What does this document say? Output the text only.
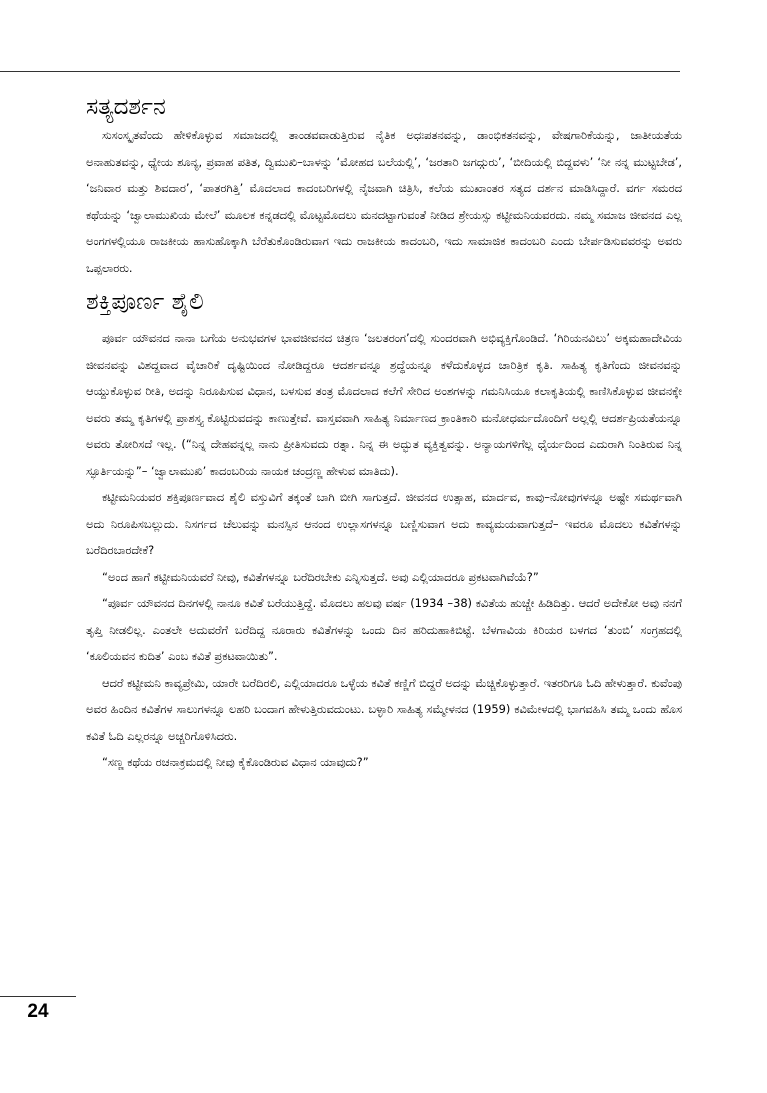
ಸತ್ಯದರ್ಶನ

ಸುಸಂಸ್ಕೃತವೆಂದು ಹೇಳಿಕೊಳ್ಳುವ ಸಮಾಜದಲ್ಲಿ ತಾಂಡವವಾಡುತ್ತಿರುವ ನೈತಿಕ ಅಧಃಪತನವನ್ನು, ಡಾಂಭಿಕತನವನ್ನು, ವೇಷಗಾರಿಕೆಯನ್ನು, ಜಾತೀಯತೆಯ ಅನಾಹುತವನ್ನು, ಧ್ಯೇಯ ಶೂನ್ಯ, ಪ್ರವಾಹ ಪತಿತ, ದ್ವಿಮುಖಿ–ಬಾಳನ್ನು ‘ಮೋಹದ ಬಲೆಯಲ್ಲಿ’, ‘ಜರತಾರಿ ಜಗದ್ಗುರು’, ‘ಬೀದಿಯಲ್ಲಿ ಬಿದ್ದವಳು’ ‘ನೀ ನನ್ನ ಮುಟ್ಟಬೇಡ’, ‘ಜನಿವಾರ ಮತ್ತು ಶಿವದಾರ’, ‘ಪಾತರಗಿತ್ತಿ’ ಮೊದಲಾದ ಕಾದಂಬರಿಗಳಲ್ಲಿ ನೈಜವಾಗಿ ಚಿತ್ರಿಸಿ, ಕಲೆಯ ಮುಖಾಂತರ ಸತ್ಯದ ದರ್ಶನ ಮಾಡಿಸಿದ್ದಾರೆ. ವರ್ಗ ಸಮರದ ಕಥೆಯನ್ನು ‘ಜ್ವಾಲಾಮುಖಿಯ ಮೇಲೆ’ ಮೂಲಕ ಕನ್ನಡದಲ್ಲಿ ಮೊಟ್ಟಮೊದಲು ಮನದಟ್ಟಾಗುವಂತೆ ನೀಡಿದ ಶ್ರೇಯಸ್ಸು ಕಟ್ಟೀಮನಿಯವರದು. ನಮ್ಮ ಸಮಾಜ ಜೀವನದ ಎಲ್ಲ ಅಂಗಗಳಲ್ಲಿಯೂ ರಾಜಕೀಯ ಹಾಸುಹೊಕ್ಕಾಗಿ ಬೆರೆತುಕೊಂಡಿರುವಾಗ ಇದು ರಾಜಕೀಯ ಕಾದಂಬರಿ, ಇದು ಸಾಮಾಜಿಕ ಕಾದಂಬರಿ ಎಂದು ಬೇರ್ಪಡಿಸುವವರನ್ನು ಅವರು ಒಪ್ಪಲಾರರು.

ಶಕ್ತಿಪೂರ್ಣ ಶೈಲಿ

ಪೂರ್ವ ಯೌವನದ ನಾನಾ ಬಗೆಯ ಅನುಭವಗಳ ಭಾವಜೀವನದ ಚಿತ್ರಣ ‘ಜಲತರಂಗ’ದಲ್ಲಿ ಸುಂದರವಾಗಿ ಅಭಿವ್ಯಕ್ತಿಗೊಂಡಿದೆ. ‘ಗಿರಿಯನವಿಲು’ ಅಕ್ಕಮಹಾದೇವಿಯ ಜೀವನವನ್ನು ವಿಶದ್ದವಾದ ವೈಚಾರಿಕೆ ದೃಷ್ಟಿಯಿಂದ ನೋಡಿದ್ದರೂ ಆದರ್ಶವನ್ನೂ ಶ್ರದ್ಧೆಯನ್ನೂ ಕಳೆದುಕೊಳ್ಳದ ಚಾರಿತ್ರಿಕ ಕೃತಿ. ಸಾಹಿತ್ಯ ಕೃತಿಗೆಂದು ಜೀವನವನ್ನು ಆಯ್ದುಕೊಳ್ಳುವ ರೀತಿ, ಅದನ್ನು ನಿರೂಪಿಸುವ ವಿಧಾನ, ಬಳಸುವ ತಂತ್ರ ಮೊದಲಾದ ಕಲೆಗೆ ಸೇರಿದ ಅಂಶಗಳನ್ನು ಗಮನಿಸಿಯೂ ಕಲಾಕೃತಿಯಲ್ಲಿ ಕಾಣಿಸಿಕೊಳ್ಳುವ ಜೀವನಕ್ಕೇ ಅವರು ತಮ್ಮ ಕೃತಿಗಳಲ್ಲಿ ಪ್ರಾಶಸ್ತ್ಯ ಕೊಟ್ಟಿರುವದನ್ನು ಕಾಣುತ್ತೇವೆ. ವಾಸ್ತವವಾಗಿ ಸಾಹಿತ್ಯ ನಿರ್ಮಾಣದ ಕ್ರಾಂತಿಕಾರಿ ಮನೋಧರ್ಮದೊಂದಿಗೆ ಅಲ್ಲಲ್ಲಿ ಆದರ್ಶಪ್ರಿಯತೆಯನ್ನೂ ಅವರು ತೋರಿಸದೆ ಇಲ್ಲ. (“ನಿನ್ನ ದೇಹವನ್ನಲ್ಲ ನಾನು ಪ್ರೀತಿಸುವದು ರತ್ನಾ. ನಿನ್ನ ಈ ಅದ್ಭುತ ವ್ಯಕ್ತಿತ್ವವನ್ನು. ಅನ್ಯಾಯಗಳಿಗೆಲ್ಲ ಧೈರ್ಯದಿಂದ ಎದುರಾಗಿ ನಿಂತಿರುವ ನಿನ್ನ ಸ್ಫೂರ್ತಿಯನ್ನು”– ‘ಜ್ವಾಲಾಮುಖಿ’ ಕಾದಂಬರಿಯ ನಾಯಕ ಚಂದ್ರಣ್ಣ ಹೇಳುವ ಮಾತಿದು).

ಕಟ್ಟೀಮನಿಯವರ ಶಕ್ತಿಪೂರ್ಣವಾದ ಶೈಲಿ ವಸ್ತುವಿಗೆ ತಕ್ಕಂತೆ ಬಾಗಿ ಬೀಗಿ ಸಾಗುತ್ತದೆ. ಜೀವನದ ಉತ್ಸಾಹ, ಮಾರ್ದವ, ಕಾವು–ನೋವುಗಳನ್ನೂ ಅಷ್ಟೇ ಸಮರ್ಥವಾಗಿ ಅದು ನಿರೂಪಿಸಬಲ್ಲುದು. ನಿಸರ್ಗದ ಚೆಲುವನ್ನು ಮನಸ್ಸಿನ ಆನಂದ ಉಲ್ಲಾಸಗಳನ್ನೂ ಬಣ್ಣಿಸುವಾಗ ಅದು ಕಾವ್ಯಮಯವಾಗುತ್ತದೆ– ಇವರೂ ಮೊದಲು ಕವಿತೆಗಳನ್ನು ಬರೆದಿರಬಾರದೇಕೆ?

“ಅಂದ ಹಾಗೆ ಕಟ್ಟೀಮನಿಯವರೆ ನೀವು, ಕವಿತೆಗಳನ್ನೂ ಬರೆದಿರಬೇಕು ಎನ್ನಿಸುತ್ತದೆ. ಅವು ಎಲ್ಲಿಯಾದರೂ ಪ್ರಕಟವಾಗಿವೆಯೆ?”

“ಪೂರ್ವ ಯೌವನದ ದಿನಗಳಲ್ಲಿ ನಾನೂ ಕವಿತೆ ಬರೆಯುತ್ತಿದ್ದೆ. ಮೊದಲು ಹಲವು ವರ್ಷ (1934 –38) ಕವಿತೆಯ ಹುಚ್ಚೇ ಹಿಡಿದಿತ್ತು. ಆದರೆ ಅದೇಕೋ ಅವು ನನಗೆ ತೃಪ್ತಿ ನೀಡಲಿಲ್ಲ. ಎಂತಲೇ ಅದುವರೆಗೆ ಬರೆದಿದ್ದ ನೂರಾರು ಕವಿತೆಗಳನ್ನು ಒಂದು ದಿನ ಹರಿದುಹಾಕಿಬಿಟ್ಟೆ. ಬೆಳಗಾವಿಯ ಕಿರಿಯರ ಬಳಗದ ‘ತುಂಬಿ’ ಸಂಗ್ರಹದಲ್ಲಿ ‘ಕೂಲಿಯವನ ಕುದಿತ’ ಎಂಬ ಕವಿತೆ ಪ್ರಕಟವಾಯಿತು”.

ಆದರೆ ಕಟ್ಟೀಮನಿ ಕಾವ್ಯಪ್ರೇಮಿ, ಯಾರೇ ಬರೆದಿರಲಿ, ಎಲ್ಲಿಯಾದರೂ ಒಳ್ಳೆಯ ಕವಿತೆ ಕಣ್ಣಿಗೆ ಬಿದ್ದರೆ ಅದನ್ನು ಮೆಚ್ಚಿಕೊಳ್ಳುತ್ತಾರೆ. ಇತರರಿಗೂ ಓದಿ ಹೇಳುತ್ತಾರೆ. ಕುವೆಂಪು ಅವರ ಹಿಂದಿನ ಕವಿತೆಗಳ ಸಾಲುಗಳನ್ನೂ ಲಹರಿ ಬಂದಾಗ ಹೇಳುತ್ತಿರುವದುಂಟು. ಬಳ್ಳಾರಿ ಸಾಹಿತ್ಯ ಸಮ್ಮೇಳನದ (1959) ಕವಿಮೇಳದಲ್ಲಿ ಭಾಗವಹಿಸಿ ತಮ್ಮ ಒಂದು ಹೊಸ ಕವಿತೆ ಓದಿ ಎಲ್ಲರನ್ನೂ ಅಚ್ಚರಿಗೊಳಿಸಿದರು.

“ಸಣ್ಣ ಕಥೆಯ ರಚನಾಕ್ರಮದಲ್ಲಿ ನೀವು ಕೈಕೊಂಡಿರುವ ವಿಧಾನ ಯಾವುದು?”

24
